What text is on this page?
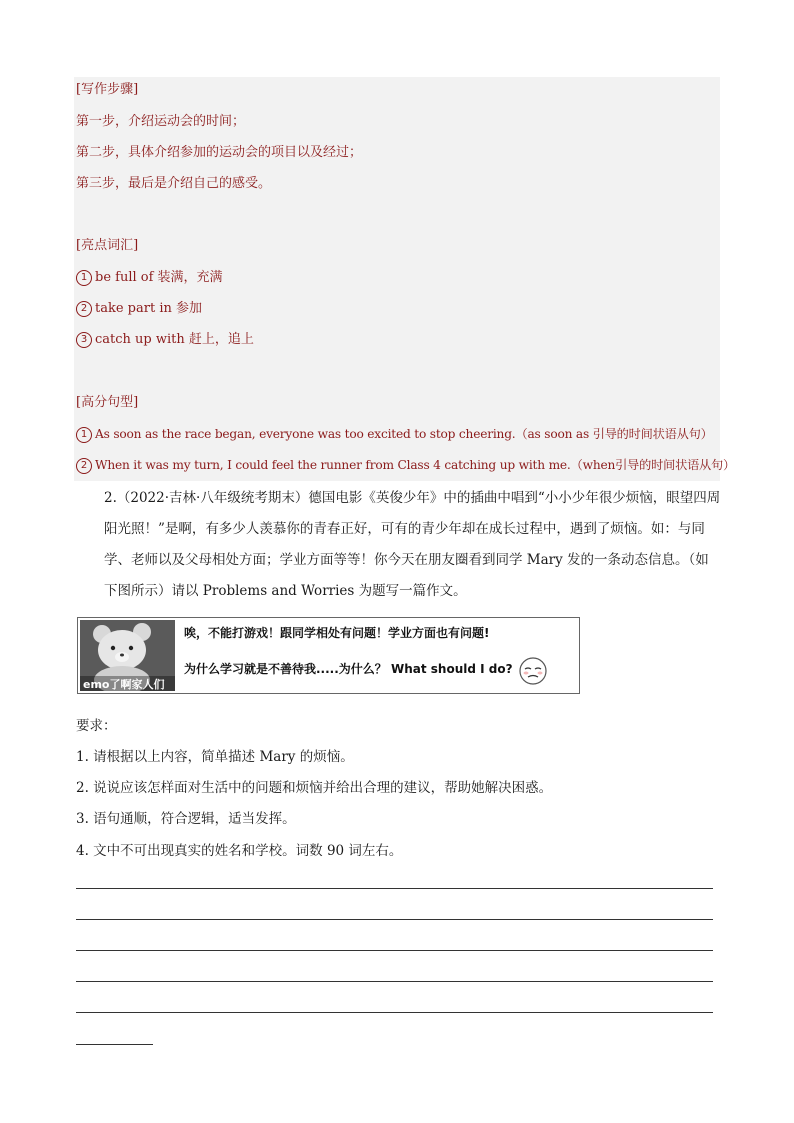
[写作步骤]
第一步，介绍运动会的时间；
第二步，具体介绍参加的运动会的项目以及经过；
第三步，最后是介绍自己的感受。
[亮点词汇]
1 be full of 装满，充满
2 take part in 参加
3 catch up with 赶上，追上
[高分句型]
1 As soon as the race began, everyone was too excited to stop cheering.（as soon as 引导的时间状语从句）
2 When it was my turn, I could feel the runner from Class 4 catching up with me.（when引导的时间状语从句）
2.（2022·吉林·八年级统考期末）德国电影《英俊少年》中的插曲中唱到“小小少年很少烦恼，眼望四周阳光照！”是啊，有多少人羡慕你的青春正好，可有的青少年却在成长过程中，遇到了烦恼。如：与同学、老师以及父母相处方面；学业方面等等！你今天在朋友圈看到同学 Mary 发的一条动态信息。（如下图所示）请以 Problems and Worries 为题写一篇作文。
emo了啊家人们
唉，不能打游戏！跟同学相处有问题！学业方面也有问题!
为什么学习就是不善待我.....为什么？ What should I do?
要求：
1. 请根据以上内容，简单描述 Mary 的烦恼。
2. 说说应该怎样面对生活中的问题和烦恼并给出合理的建议，帮助她解决困惑。
3. 语句通顺，符合逻辑，适当发挥。
4. 文中不可出现真实的姓名和学校。词数 90 词左右。
